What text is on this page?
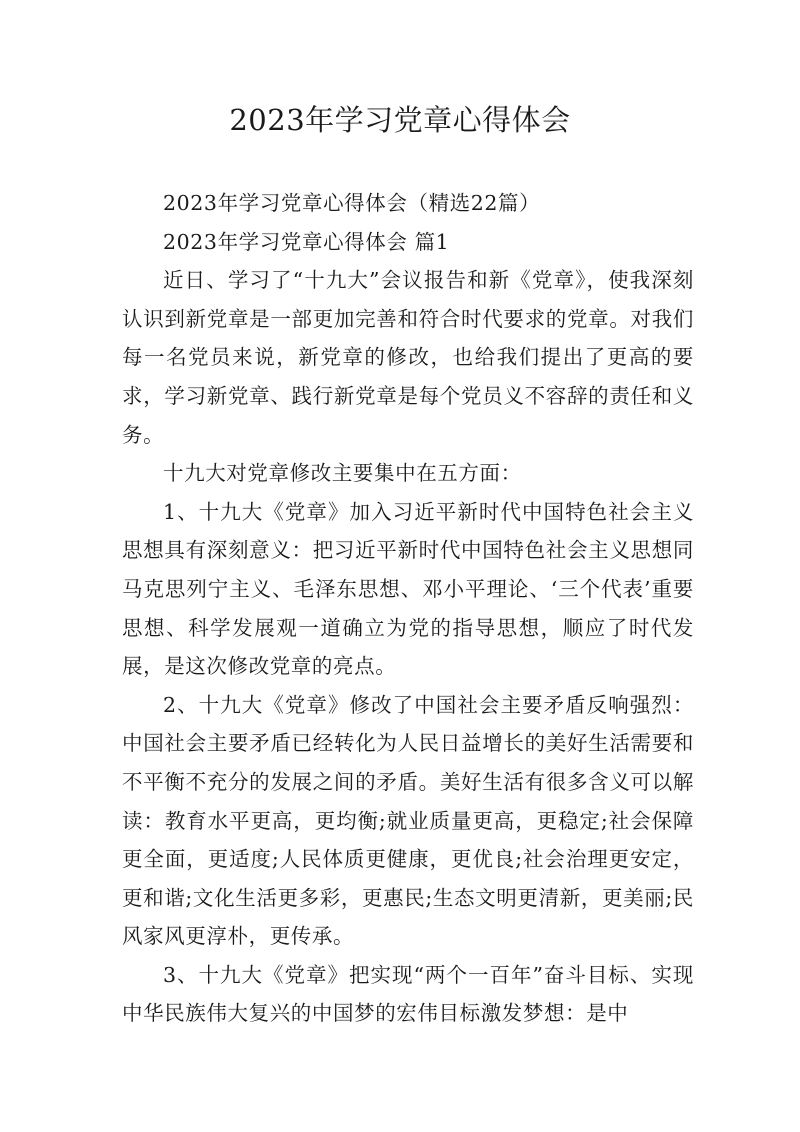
2023年学习党章心得体会

2023年学习党章心得体会（精选22篇）

2023年学习党章心得体会 篇1

近日、学习了“十九大”会议报告和新《党章》，使我深刻认识到新党章是一部更加完善和符合时代要求的党章。对我们每一名党员来说，新党章的修改，也给我们提出了更高的要求，学习新党章、践行新党章是每个党员义不容辞的责任和义务。

十九大对党章修改主要集中在五方面：

1、十九大《党章》加入习近平新时代中国特色社会主义思想具有深刻意义：把习近平新时代中国特色社会主义思想同马克思列宁主义、毛泽东思想、邓小平理论、‘三个代表’重要思想、科学发展观一道确立为党的指导思想，顺应了时代发展，是这次修改党章的亮点。

2、十九大《党章》修改了中国社会主要矛盾反响强烈：中国社会主要矛盾已经转化为人民日益增长的美好生活需要和不平衡不充分的发展之间的矛盾。美好生活有很多含义可以解读：教育水平更高，更均衡;就业质量更高，更稳定;社会保障更全面，更适度;人民体质更健康，更优良;社会治理更安定，更和谐;文化生活更多彩，更惠民;生态文明更清新，更美丽;民风家风更淳朴，更传承。

3、十九大《党章》把实现“两个一百年”奋斗目标、实现中华民族伟大复兴的中国梦的宏伟目标激发梦想：是中
